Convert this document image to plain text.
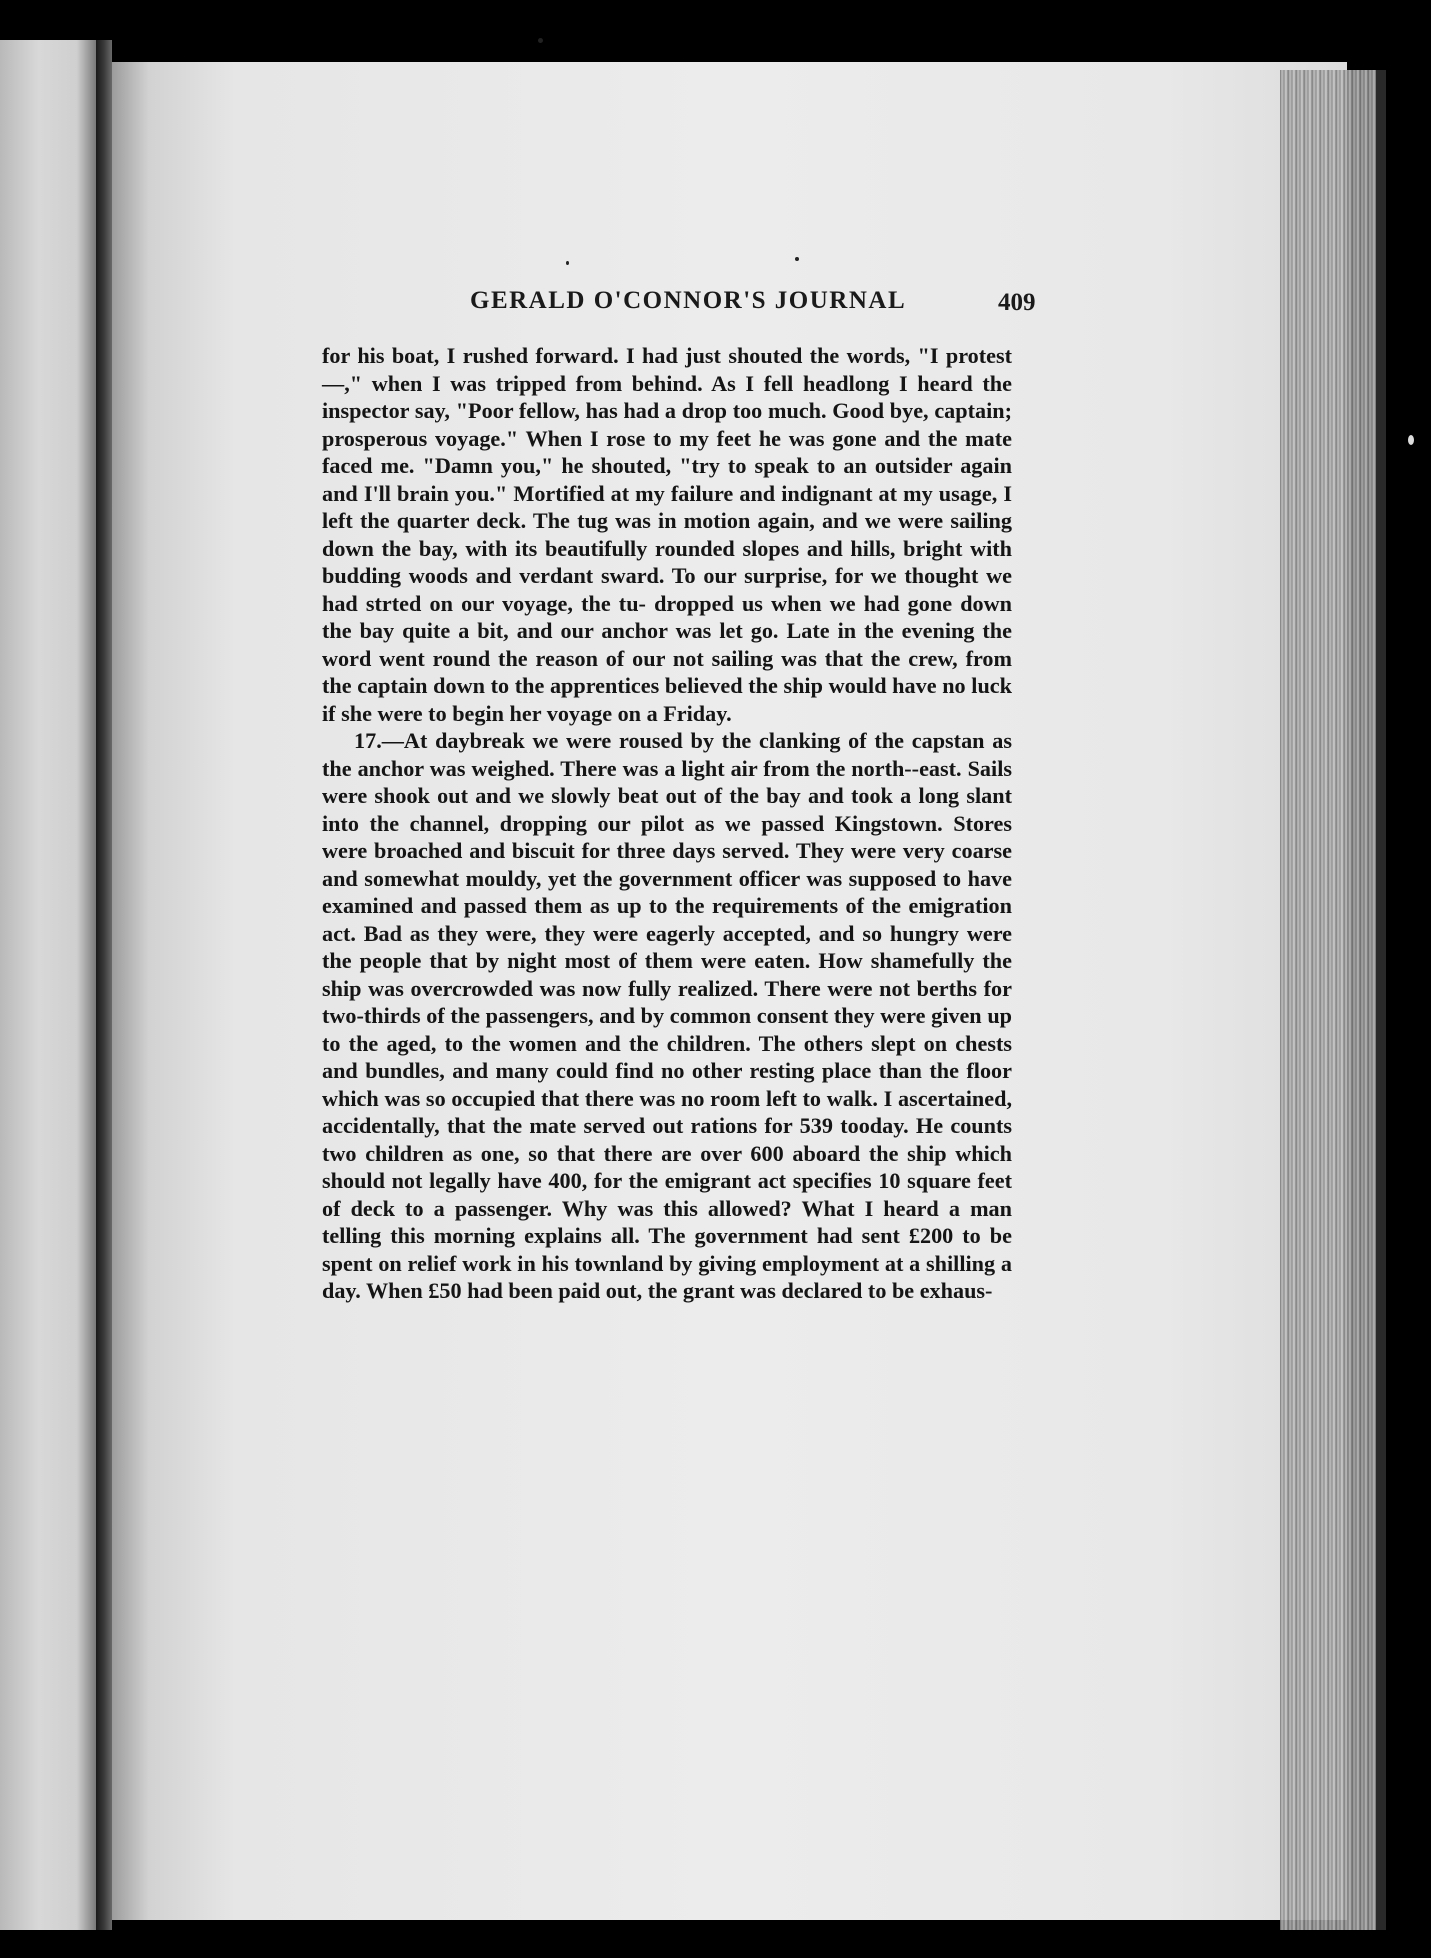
GERALD O'CONNOR'S JOURNAL	409

for his boat, I rushed forward. I had just shouted the words, "I protest—," when I was tripped from behind. As I fell headlong I heard the inspector say, "Poor fellow, has had a drop too much. Good bye, captain; prosperous voyage." When I rose to my feet he was gone and the mate faced me. "Damn you," he shouted, "try to speak to an outsider again and I'll brain you." Mortified at my failure and indignant at my usage, I left the quarter deck. The tug was in motion again, and we were sailing down the bay, with its beautifully rounded slopes and hills, bright with budding woods and verdant sward. To our surprise, for we thought we had strted on our voyage, the tu- dropped us when we had gone down the bay quite a bit, and our anchor was let go. Late in the evening the word went round the reason of our not sailing was that the crew, from the captain down to the apprentices believed the ship would have no luck if she were to begin her voyage on a Friday.

17.—At daybreak we were roused by the clanking of the capstan as the anchor was weighed. There was a light air from the north--east. Sails were shook out and we slowly beat out of the bay and took a long slant into the channel, dropping our pilot as we passed Kingstown. Stores were broached and biscuit for three days served. They were very coarse and somewhat mouldy, yet the government officer was supposed to have examined and passed them as up to the requirements of the emigration act. Bad as they were, they were eagerly accepted, and so hungry were the people that by night most of them were eaten. How shamefully the ship was overcrowded was now fully realized. There were not berths for two-thirds of the passengers, and by common consent they were given up to the aged, to the women and the children. The others slept on chests and bundles, and many could find no other resting place than the floor which was so occupied that there was no room left to walk. I ascertained, accidentally, that the mate served out rations for 539 tooday. He counts two children as one, so that there are over 600 aboard the ship which should not legally have 400, for the emigrant act specifies 10 square feet of deck to a passenger. Why was this allowed? What I heard a man telling this morning explains all. The government had sent £200 to be spent on relief work in his townland by giving employment at a shilling a day. When £50 had been paid out, the grant was declared to be exhaus-
